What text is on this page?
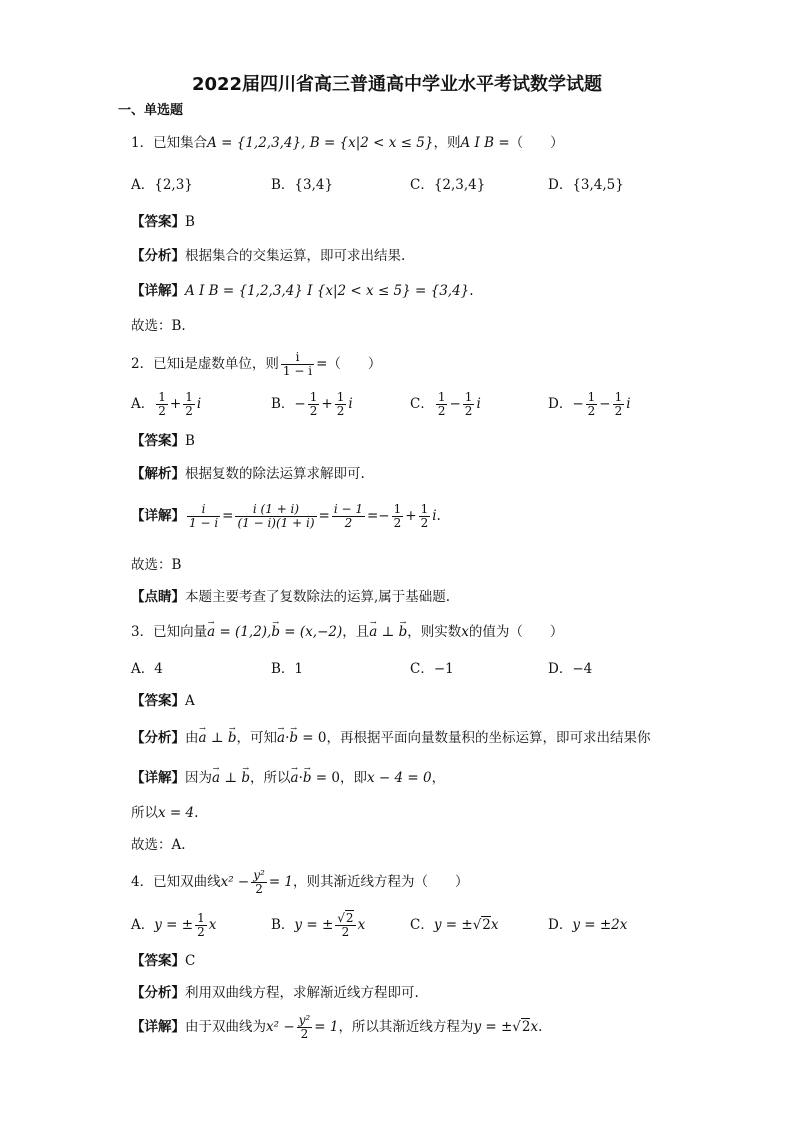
2022届四川省高三普通高中学业水平考试数学试题
一、单选题
1．已知集合A = {1,2,3,4}, B = {x|2 < x ≤ 5}，则A I B =（　　）
A．{2,3}	B．{3,4}	C．{2,3,4}	D．{3,4,5}
【答案】B
【分析】根据集合的交集运算，即可求出结果.
【详解】A I B = {1,2,3,4} I {x|2 < x ≤ 5} = {3,4}.
故选：B.
2．已知i是虚数单位，则 $\frac{i}{1 - i}$ =（　　）
A． $\frac{1}{2} + \frac{1}{2}$ i	B．− $\frac{1}{2} + \frac{1}{2}$ i	C． $\frac{1}{2} - \frac{1}{2}$ i	D．− $\frac{1}{2} - \frac{1}{2}$ i
【答案】B
【解析】根据复数的除法运算求解即可.
【详解】 $\frac{i}{1 - i} = \frac{i (1 + i)}{(1 - i)(1 + i)} = \frac{i - 1}{2} =- \frac{1}{2} + \frac{1}{2} i$.
故选：B
【点睛】本题主要考查了复数除法的运算,属于基础题.
3．已知向量→ a = (1,2),→ b = (x,−2)，且→ a ⊥ → b，则实数x的值为（　　）
A．4	B．1	C．−1	D．−4
【答案】A
【分析】由→ a ⊥ → b，可知→ a·→ b = 0，再根据平面向量数量积的坐标运算，即可求出结果你
【详解】因为→ a ⊥ → b，所以→ a·→ b = 0，即x − 4 = 0，
所以x = 4.
故选：A.
4．已知双曲线$x^2 - \frac{\text{y²}}{2} = 1$，则其渐近线方程为（　　）
A．y = ± $\frac{1}{2}$ x	B．y = ± $\frac{√2}{2}$ x	C．y = ±√2x	D．y = ±2x
【答案】C
【分析】利用双曲线方程，求解渐近线方程即可.
【详解】由于双曲线为$x^2 - \frac{\text{y²}}{2} = 1$，所以其渐近线方程为y = ±√2x.
